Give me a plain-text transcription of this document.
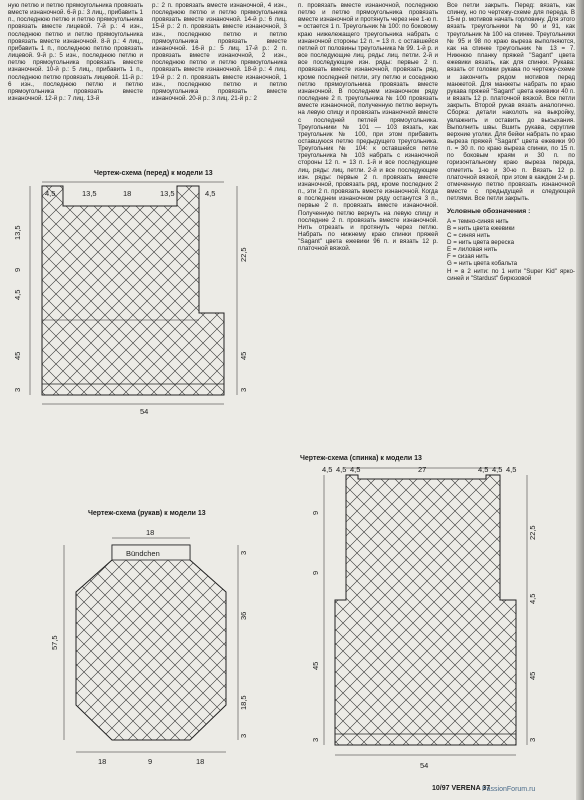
ную петлю и петлю прямоугольника провязать вместе изнаночной. 6-й р.: 3 лиц., прибавить 1 п., последнюю петлю и петлю прямоугольника провязать вместе лицевой. 7-й р.: 4 изн., последнюю петлю и петлю прямоугольника провязать вместе изнаночной. 8-й р.: 4 лиц., прибавить 1 п., последнюю петлю провязать лицевой. 9-й р.: 5 изн., последнюю петлю и петлю прямоугольника провязать вместе изнаночной. 10-й р.: 5 лиц., прибавить 1 п., последнюю петлю провязать лицевой. 11-й р.: 6 изн., последнюю петлю и петлю прямоугольника провязать вместе изнаночной. 12-й р.: 7 лиц. 13-й

р.: 2 п. провязать вместе изнаночной, 4 изн., последнюю петлю и петлю прямоугольника провязать вместе изнаночной. 14-й р.: 6 лиц. 15-й р.: 2 п. провязать вместе изнаночной, 3 изн., последнюю петлю и петлю прямоугольника провязать вместе изнаночной. 16-й р.: 5 лиц. 17-й р.: 2 п. провязать вместе изнаночной, 2 изн., последнюю петлю и петлю прямоугольника провязать вместе изнаночной. 18-й р.: 4 лиц. 19-й р.: 2 п. провязать вместе изнаночной, 1 изн., последнюю петлю и петлю прямоугольника провязать вместе изнаночной. 20-й р.: 3 лиц. 21-й р.: 2

п. провязать вместе изнаночной, последнюю петлю и петлю прямоугольника провязать вместе изнаночной и протянуть через нее 1-ю п. = остается 1 п. Треугольник № 100: по боковому краю нижележащего треугольника набрать с изнаночной стороны 12 п. = 13 п. с оставшейся петлей от половины треугольника № 99. 1-й р. и все последующие лиц. ряды: лиц. петли. 2-й и все последующие изн. ряды: первые 2 п. провязать вместе изнаночной, провязать ряд, кроме последней петли, эту петлю и соседнюю петлю прямоугольника провязать вместе изнаночной. В последнем изнаночном ряду последние 2 п. треугольника № 100 провязать вместе изнаночной, полученную петлю вернуть на левую спицу и провязать изнаночной вместе с последней петлей прямоугольника. Треугольники № 101 — 103 вязать, как треугольник № 100, при этом прибавить оставшуюся петлю предыдущего треугольника. Треугольник № 104: к оставшейся петле треугольника № 103 набрать с изнаночной стороны 12 п. = 13 п. 1-й и все последующие лиц. ряды: лиц. петли. 2-й и все последующие изн. ряды: первые 2 п. провязать вместе изнаночной, провязать ряд, кроме последних 2 п., эти 2 п. провязать вместе изнаночной. Когда в последнем изнаночном ряду останутся 3 п., первые 2 п. провязать вместе изнаночной. Полученную петлю вернуть на левую спицу и последние 2 п. провязать вместе изнаночной. Нить отрезать и протянуть через петлю. Набрать по нижнему краю спинки пряжей "Sagant" цвета ежевики 96 п. и вязать 12 р. платочной вязкой.

Все петли закрыть. Перед: вязать, как спинку, но по чертежу-схеме для переда. В 15-м р. мотивов начать горловину. Для этого вязать треугольники № 90 и 91, как треугольник № 100 на спинке. Треугольники № 95 и 98 по краю выреза выполняются, как на спинке треугольник № 13 = 7. Нижнюю планку пряжей "Sagant" цвета ежевики вязать, как для спинки. Рукава: вязать от головки рукава по чертежу-схеме и закончить рядом мотивов перед манжетой. Для манжеты набрать по краю рукава пряжей "Sagant" цвета ежевики 40 п. и вязать 12 р. платочной вязкой. Все петли закрыть. Второй рукав вязать аналогично. Сборка: детали наколоть на выкройку, увлажнить и оставить до высыхания. Выполнить швы. Вшить рукава, скруглив верхние уголки. Для бейки набрать по краю выреза пряжей "Sagant" цвета ежевики 90 п. = 30 п. по краю выреза спинки, по 15 п. по боковым краям и 30 п. по горизонтальному краю выреза переда, отметить 1-ю и 30-ю п. Вязать 12 р. платочной вязкой, при этом в каждом 2-м р. отмеченную петлю провязать изнаночной вместе с предыдущей и следующей петлями. Все петли закрыть.

Условные обозначения :

A = темно-синяя нить

B = нить цвета ежевики

C = синяя нить

D = нить цвета вереска

E = лиловая нить

F = сизая нить

G = нить цвета кобальта

H = в 2 нити: по 1 нити "Super Kid" ярко-синей и "Stardust" бирюзовой

Чертеж-схема (перед) к модели 13
Чертеж-схема (рукав) к модели 13
Чертеж-схема (спинка) к модели 13
4,5	13,5	18	13,5	4,5
13,5
9
4,5
45
3
22,5
45
3
54
Bündchen
18
57,5
3
36
18,5
3
18	9	18
4,5 4,5 4,5	27	4,5 4,5 4,5
9
9
45
3
22,5
4,5
45
3
54
10/97 VERENA 37
PassionForum.ru
